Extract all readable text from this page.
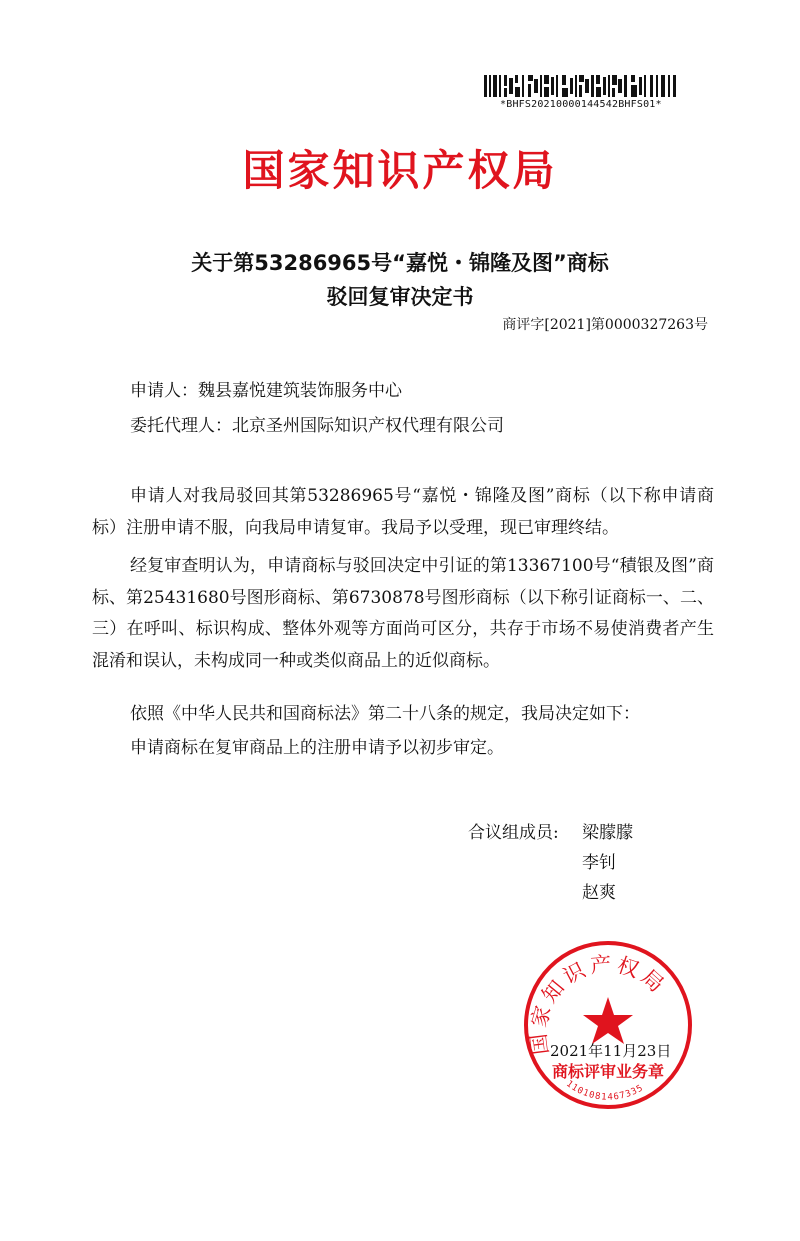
*BHFS20210000144542BHFS01*
国家知识产权局
关于第53286965号“嘉悦・锦隆及图”商标
驳回复审决定书
商评字[2021]第0000327263号
申请人：魏县嘉悦建筑装饰服务中心
委托代理人：北京圣州国际知识产权代理有限公司
申请人对我局驳回其第53286965号“嘉悦・锦隆及图”商标（以下称申请商标）注册申请不服，向我局申请复审。我局予以受理，现已审理终结。
经复审查明认为，申请商标与驳回决定中引证的第13367100号“積银及图”商标、第25431680号图形商标、第6730878号图形商标（以下称引证商标一、二、三）在呼叫、标识构成、整体外观等方面尚可区分，共存于市场不易使消费者产生混淆和误认，未构成同一种或类似商品上的近似商标。
依照《中华人民共和国商标法》第二十八条的规定，我局决定如下：
申请商标在复审商品上的注册申请予以初步审定。
合议组成员: 梁朦朦
李钊
赵爽
国家知识产权局
商标评审业务章
1101081467335
2021年11月23日
